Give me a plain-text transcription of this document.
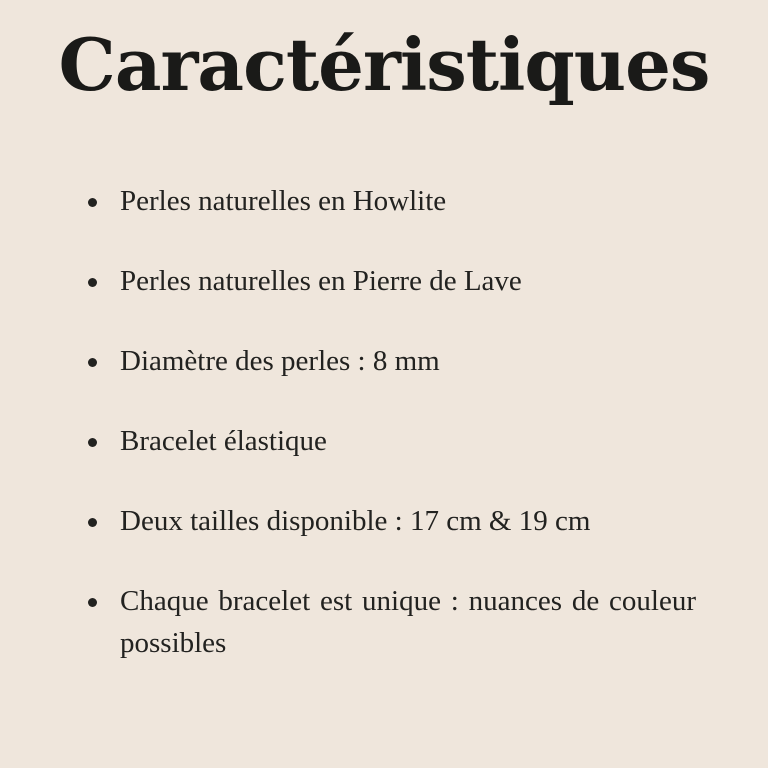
Caractéristiques
Perles naturelles en Howlite
Perles naturelles en Pierre de Lave
Diamètre des perles : 8 mm
Bracelet élastique
Deux tailles disponible : 17 cm & 19 cm
Chaque bracelet est unique : nuances de couleur possibles
